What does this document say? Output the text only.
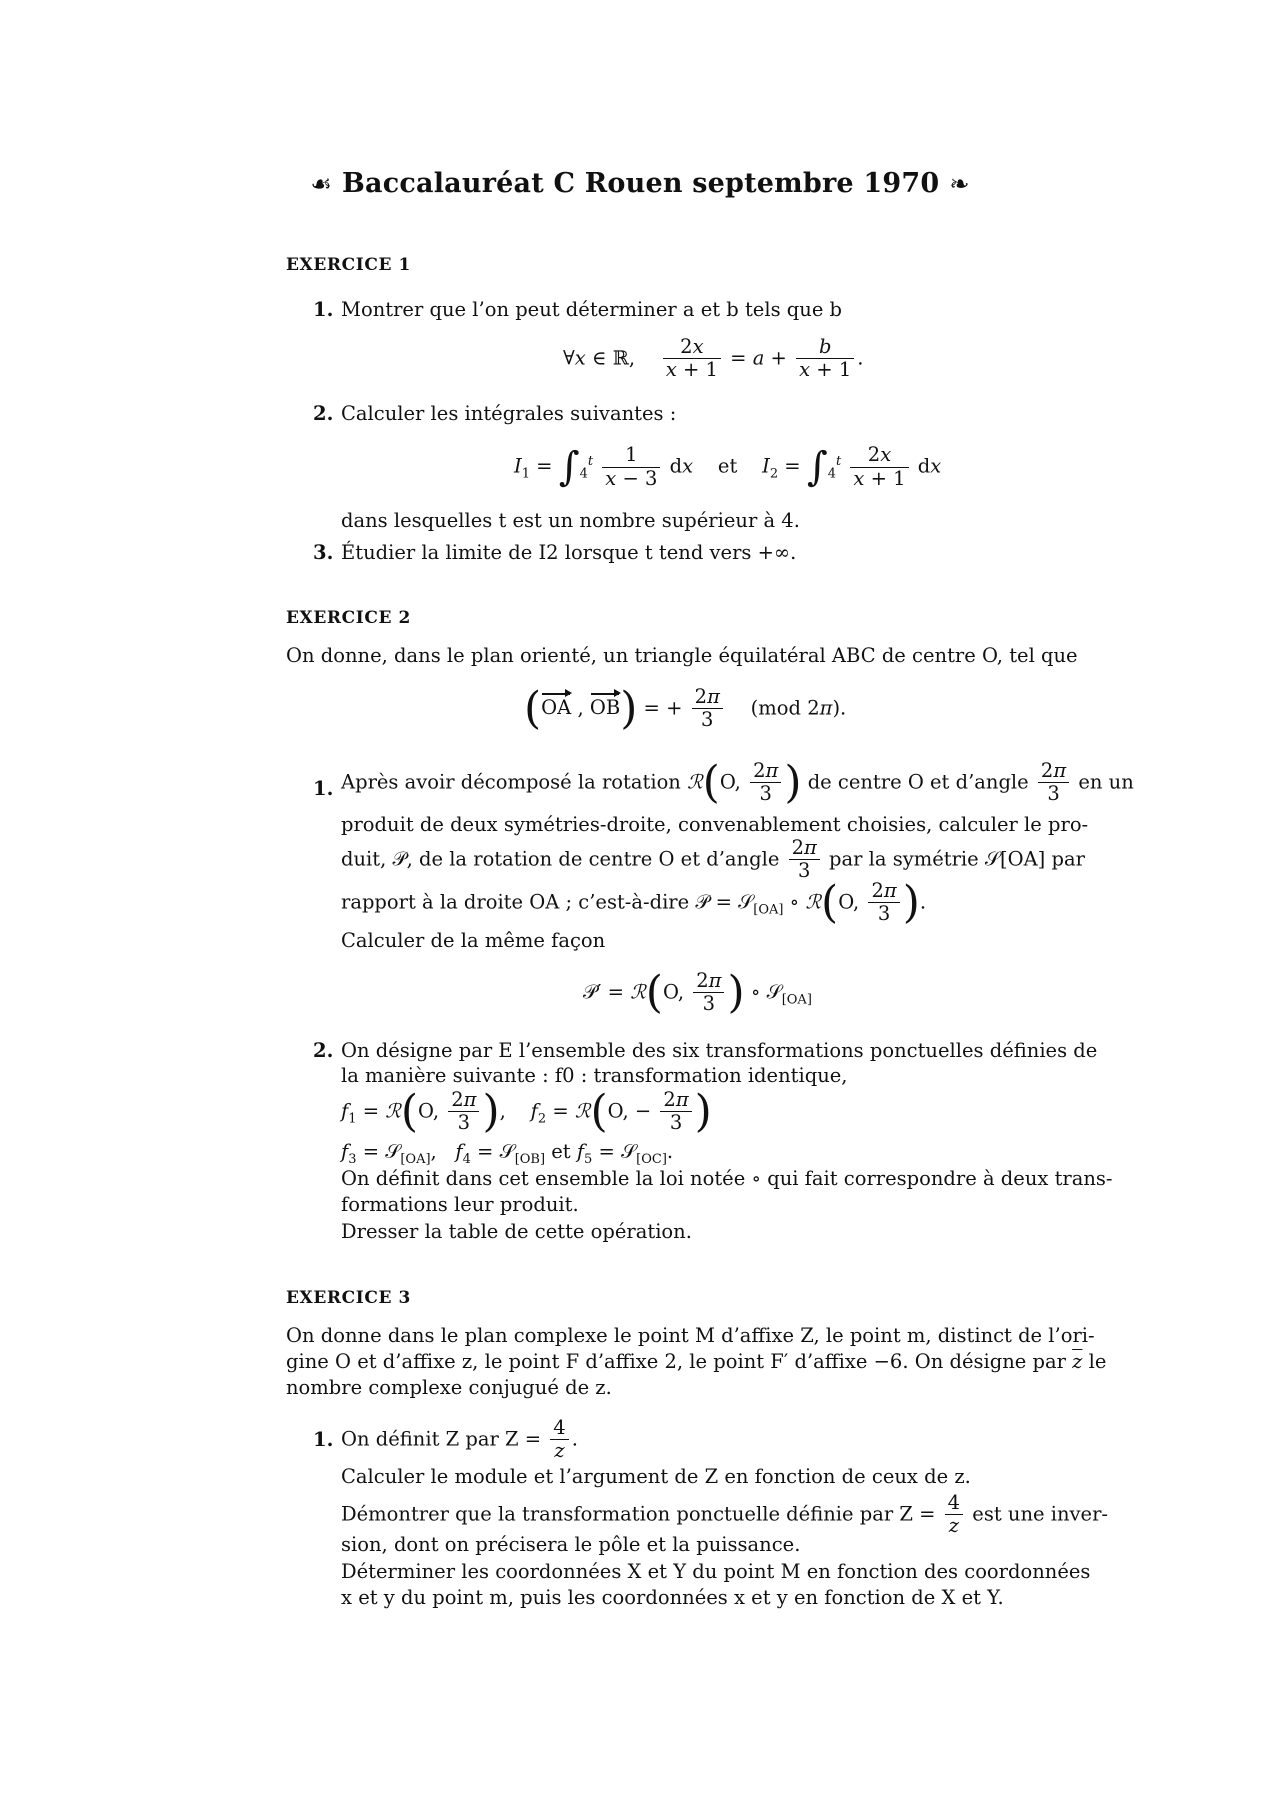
☙ Baccalauréat C Rouen septembre 1970 ❧
EXERCICE 1
1. Montrer que l’on peut déterminer a et b tels que b
∀x ∈ ℝ, $\frac{2x}{x + 1} = a + \frac{b}{x + 1}$ .
2. Calculer les intégrales suivantes :
$I_1 = \int_4^t \frac{1}{x - 3}$ dx    et    $I_2 = \int_4^t \frac{2x}{x + 1}$ dx
dans lesquelles t est un nombre supérieur à 4.
3. Étudier la limite de I2 lorsque t tend vers +∞.
EXERCICE 2
On donne, dans le plan orienté, un triangle équilatéral ABC de centre O, tel que
(OA , OB) = + $\frac{2\pi}{3} (mod$ 2π).
1. Après avoir décomposé la rotation ℛ(O, $\frac{2\pi}{3}$ ) de centre O et d’angle $\frac{2\pi}{3}$ en un
produit de deux symétries-droite, convenablement choisies, calculer le pro-
duit, 𝒫, de la rotation de centre O et d’angle $\frac{2\pi}{3}$ par la symétrie 𝒮[OA] par
rapport à la droite OA ; c’est-à-dire 𝒫 = 𝒮$_{[OA]}$ ∘ ℛ(O, $\frac{2\pi}{3}$ ).
Calculer de la même façon
𝒫′ = ℛ(O, $\frac{2\pi}{3}$ ) ∘ 𝒮$_{[OA]}$
2. On désigne par E l’ensemble des six transformations ponctuelles définies de
la manière suivante : f0 : transformation identique,
$f_1$ = ℛ(O, $\frac{2\pi}{3}$ ),    $f_2$ = ℛ(O, − $\frac{2\pi}{3}$ )
$f_3$ = 𝒮$_{[OA]}$,   $f_4$ = 𝒮$_{[OB]}$ et $f_5$ = 𝒮$_{[OC]}$.
On définit dans cet ensemble la loi notée ∘ qui fait correspondre à deux trans-
formations leur produit.
Dresser la table de cette opération.
EXERCICE 3
On donne dans le plan complexe le point M d’affixe Z, le point m, distinct de l’ori-
gine O et d’affixe z, le point F d’affixe 2, le point F′ d’affixe −6. On désigne par $\overline{z}$ le
nombre complexe conjugué de z.
1. On définit Z par $Z = \frac{4}{z}$ .
Calculer le module et l’argument de Z en fonction de ceux de z.
Démontrer que la transformation ponctuelle définie par $Z = \frac{4}{z}$ est une inver-
sion, dont on précisera le pôle et la puissance.
Déterminer les coordonnées X et Y du point M en fonction des coordonnées
x et y du point m, puis les coordonnées x et y en fonction de X et Y.
